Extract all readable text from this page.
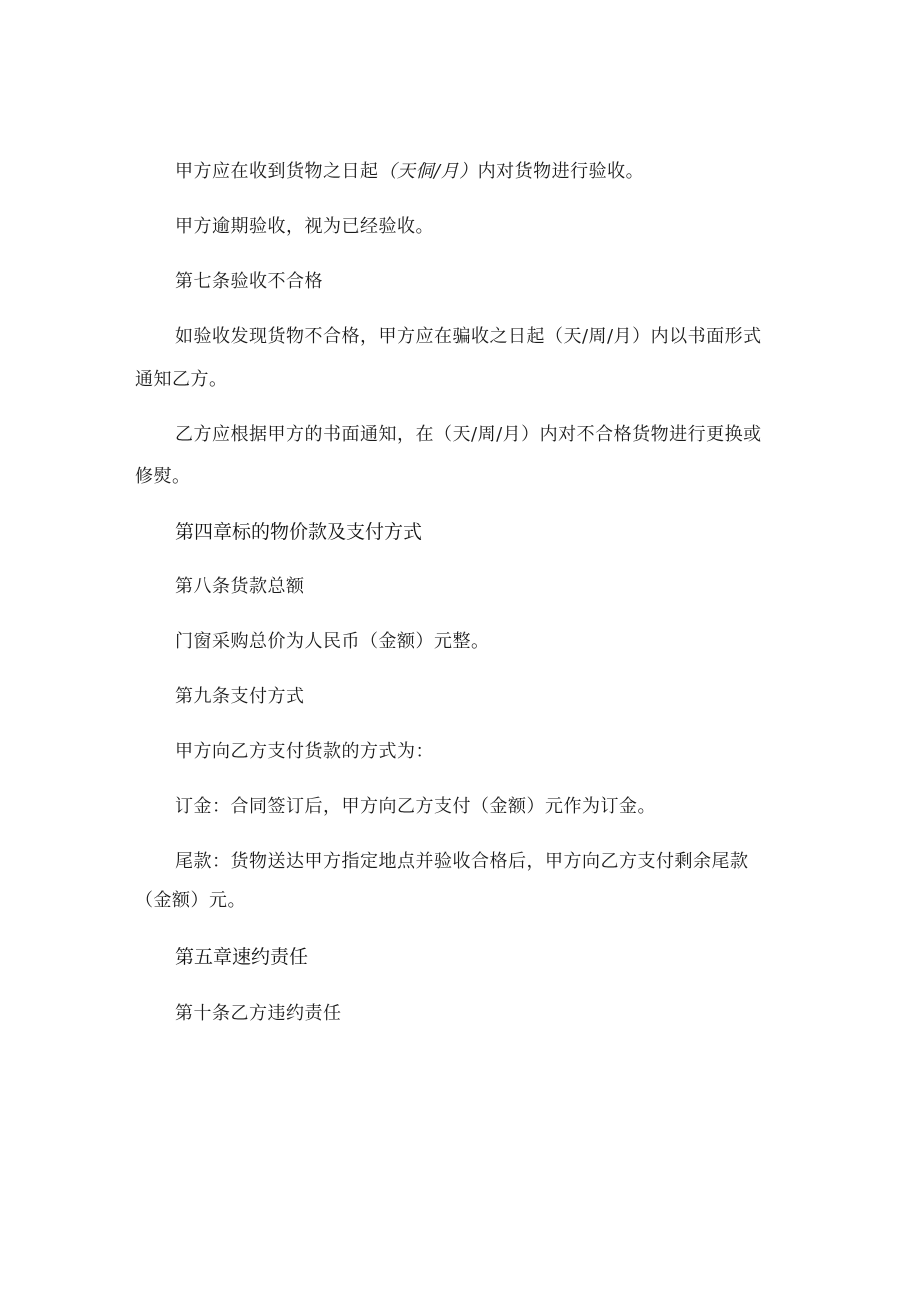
甲方应在收到货物之日起（天侗/月）内对货物进行验收。
甲方逾期验收，视为已经验收。
第七条验收不合格
如验收发现货物不合格，甲方应在骗收之日起（天/周/月）内以书面形式
通知乙方。
乙方应根据甲方的书面通知，在（天/周/月）内对不合格货物进行更换或
修熨。
第四章标的物价款及支付方式
第八条货款总额
门窗采购总价为人民币（金额）元整。
第九条支付方式
甲方向乙方支付货款的方式为：
订金：合同签订后，甲方向乙方支付（金额）元作为订金。
尾款：货物送达甲方指定地点并验收合格后，甲方向乙方支付剩余尾款
（金额）元。
第五章速约责任
第十条乙方违约责任
